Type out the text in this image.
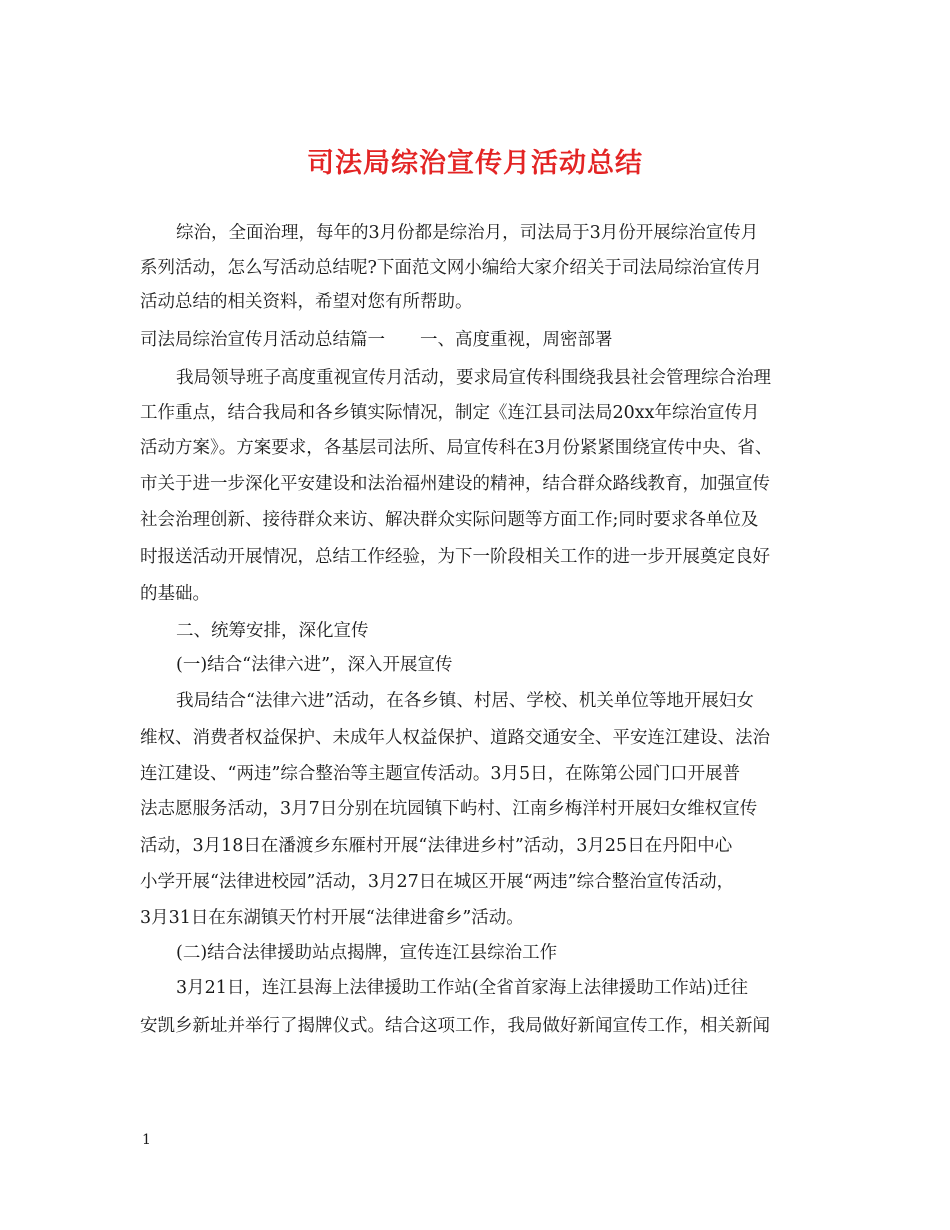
司法局综治宣传月活动总结
综治，全面治理，每年的3月份都是综治月，司法局于3月份开展综治宣传月
系列活动，怎么写活动总结呢?下面范文网小编给大家介绍关于司法局综治宣传月
活动总结的相关资料，希望对您有所帮助。
司法局综治宣传月活动总结篇一　　一、高度重视，周密部署
我局领导班子高度重视宣传月活动，要求局宣传科围绕我县社会管理综合治理
工作重点，结合我局和各乡镇实际情况，制定《连江县司法局20xx年综治宣传月
活动方案》。方案要求，各基层司法所、局宣传科在3月份紧紧围绕宣传中央、省、
市关于进一步深化平安建设和法治福州建设的精神，结合群众路线教育，加强宣传
社会治理创新、接待群众来访、解决群众实际问题等方面工作;同时要求各单位及
时报送活动开展情况，总结工作经验，为下一阶段相关工作的进一步开展奠定良好
的基础。
二、统筹安排，深化宣传
(一)结合“法律六进”，深入开展宣传
我局结合“法律六进”活动，在各乡镇、村居、学校、机关单位等地开展妇女
维权、消费者权益保护、未成年人权益保护、道路交通安全、平安连江建设、法治
连江建设、“两违”综合整治等主题宣传活动。3月5日，在陈第公园门口开展普
法志愿服务活动，3月7日分别在坑园镇下屿村、江南乡梅洋村开展妇女维权宣传
活动，3月18日在潘渡乡东雁村开展“法律进乡村”活动，3月25日在丹阳中心
小学开展“法律进校园”活动，3月27日在城区开展“两违”综合整治宣传活动，
3月31日在东湖镇天竹村开展“法律进畲乡”活动。
(二)结合法律援助站点揭牌，宣传连江县综治工作
3月21日，连江县海上法律援助工作站(全省首家海上法律援助工作站)迁往
安凯乡新址并举行了揭牌仪式。结合这项工作，我局做好新闻宣传工作，相关新闻
1
